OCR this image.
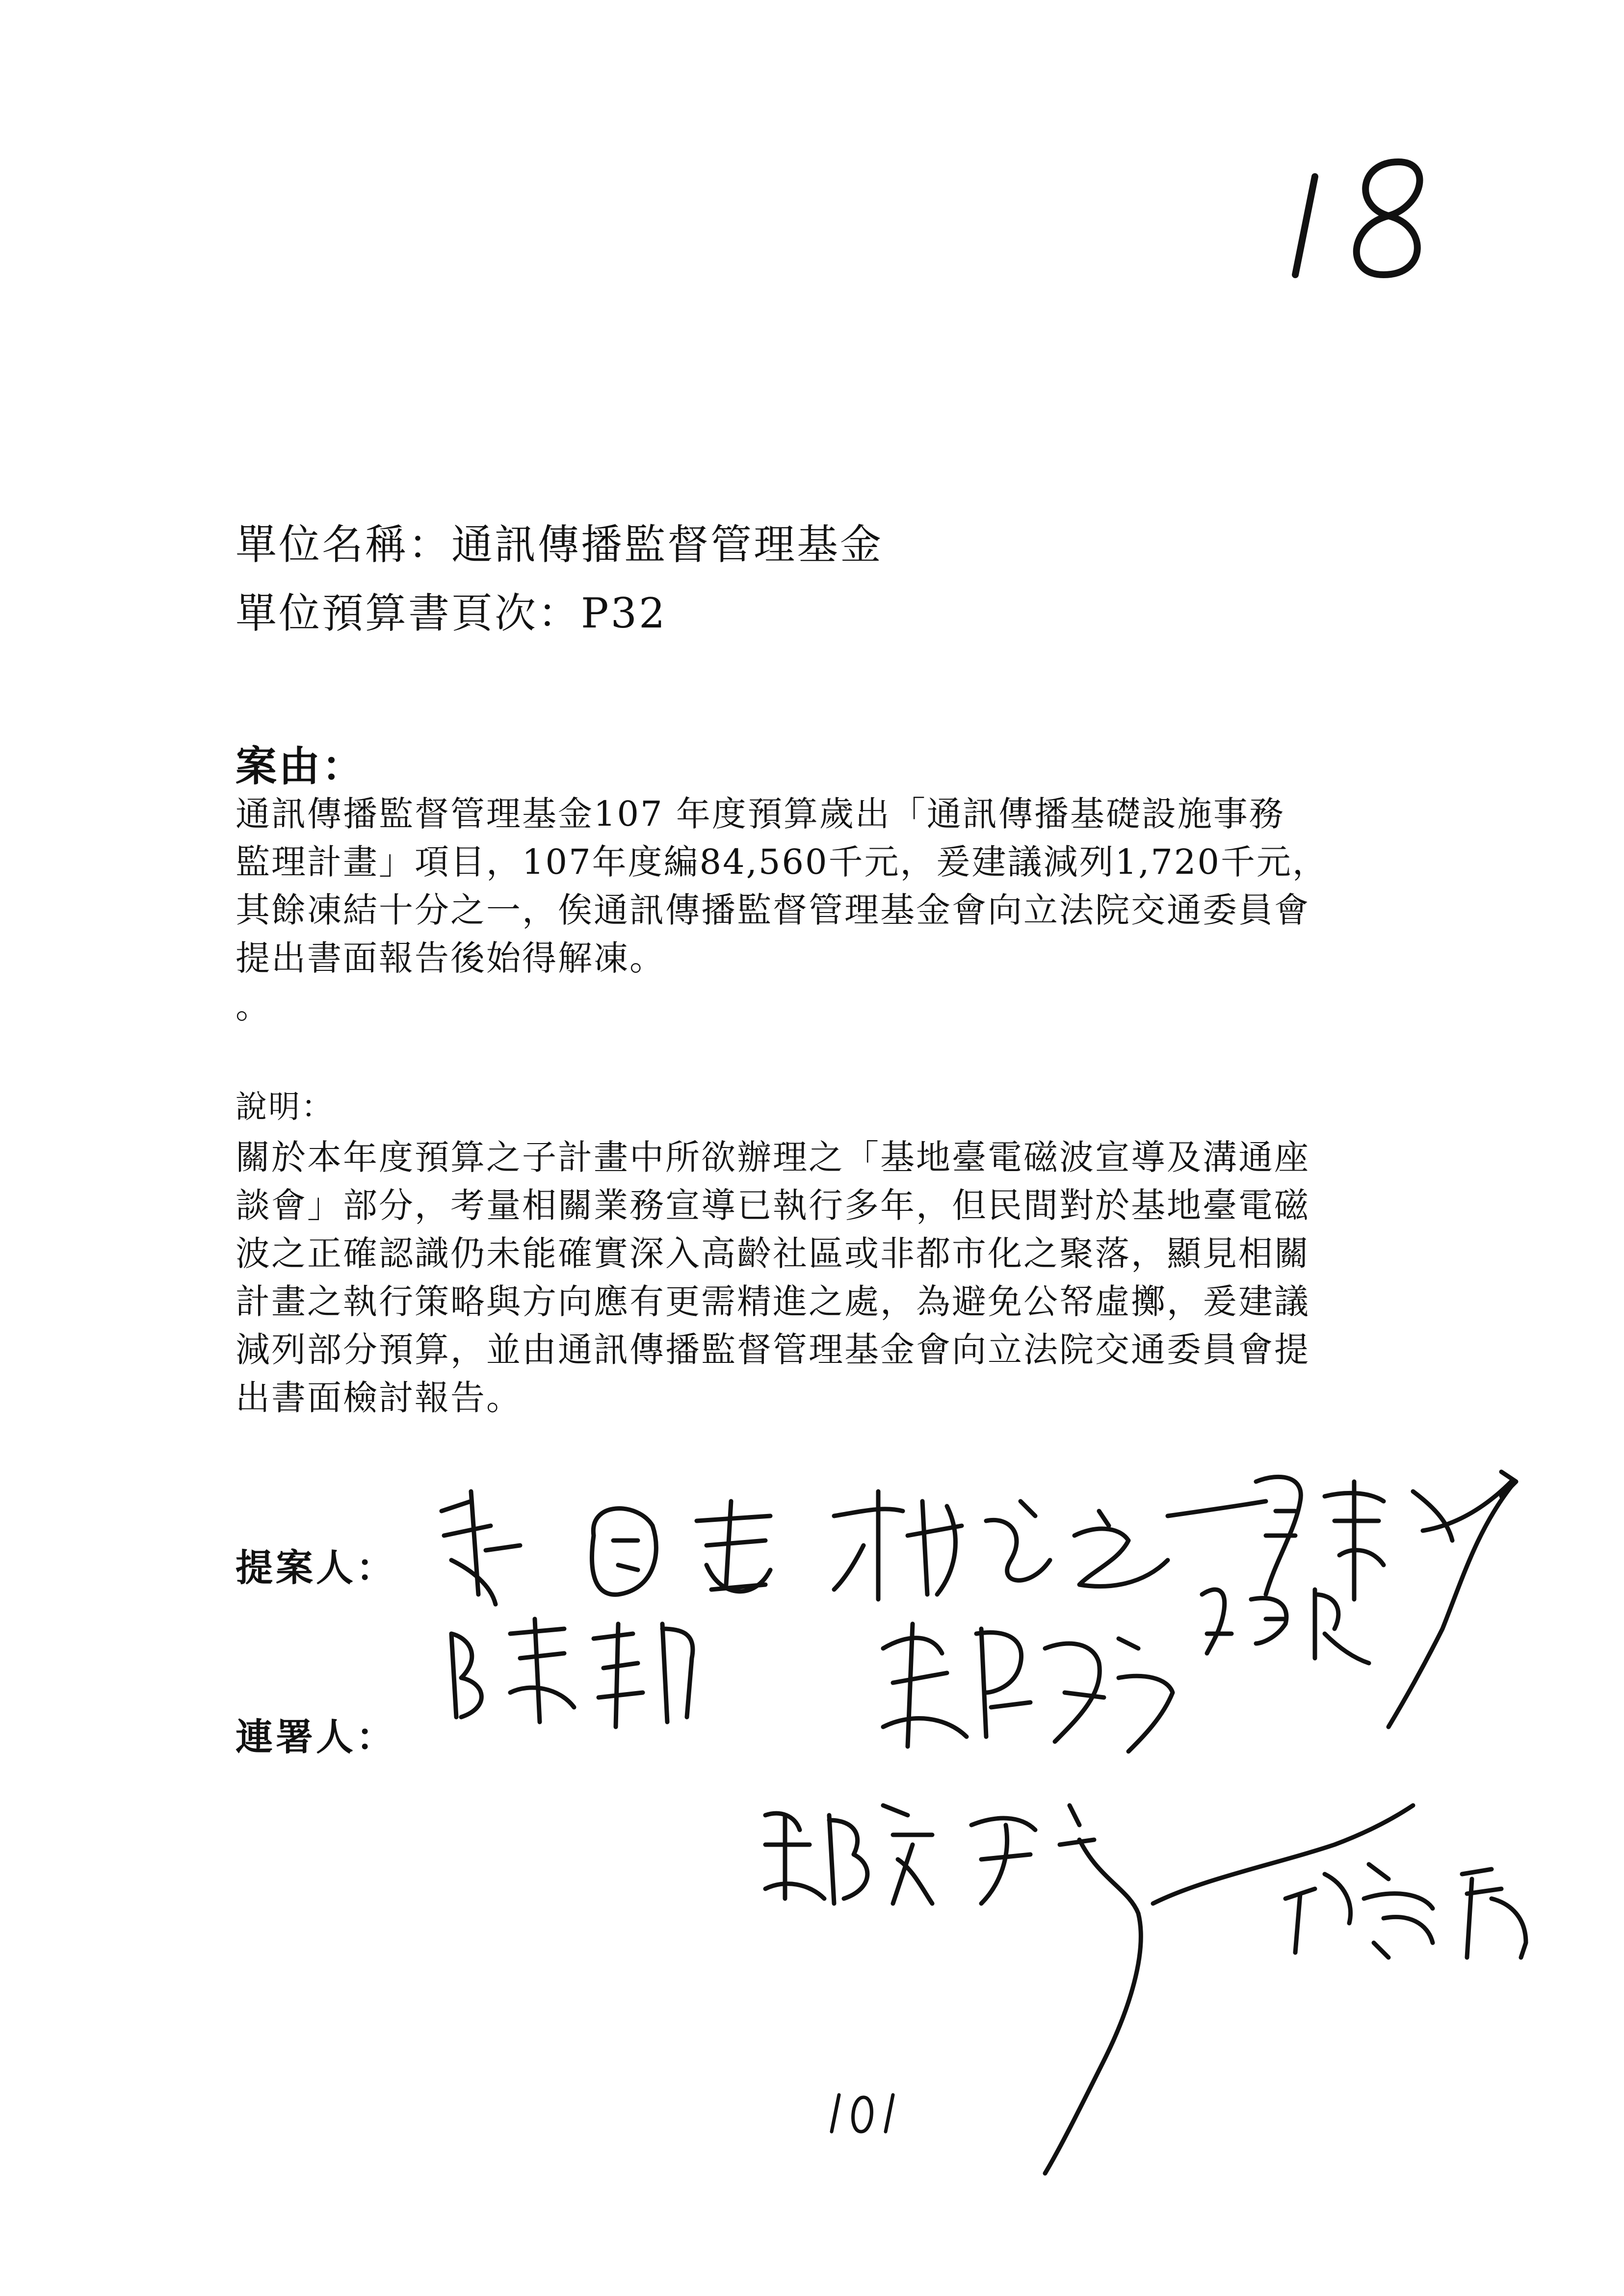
單位名稱：通訊傳播監督管理基金
單位預算書頁次：P32
案由：
通訊傳播監督管理基金107 年度預算歲出「通訊傳播基礎設施事務
監理計畫」項目，107年度編84,560千元，爰建議減列1,720千元，
其餘凍結十分之一，俟通訊傳播監督管理基金會向立法院交通委員會
提出書面報告後始得解凍。
。
說明：
關於本年度預算之子計畫中所欲辦理之「基地臺電磁波宣導及溝通座
談會」部分，考量相關業務宣導已執行多年，但民間對於基地臺電磁
波之正確認識仍未能確實深入高齡社區或非都市化之聚落，顯見相關
計畫之執行策略與方向應有更需精進之處，為避免公帑虛擲，爰建議
減列部分預算，並由通訊傳播監督管理基金會向立法院交通委員會提
出書面檢討報告。
提案人：
連署人：
